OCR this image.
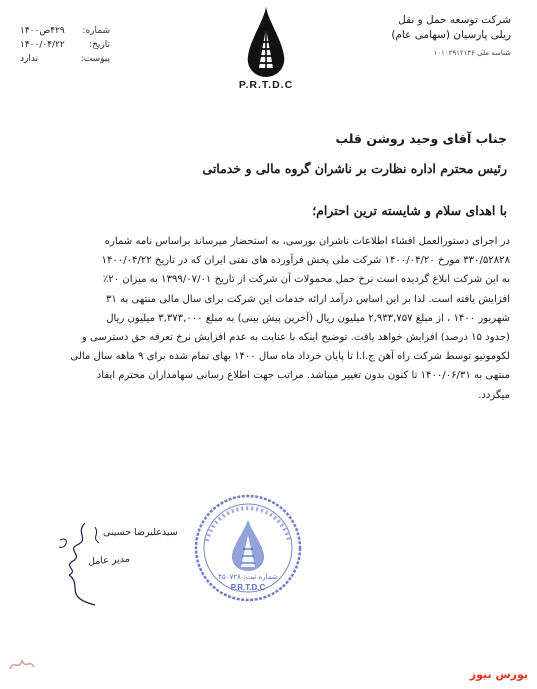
شرکت توسعه حمل و نقل
ریلی پارسیان (سهامی عام)
شناسه ملی ۱۰۱۰۲۹۱۲۱۴۶
P.R.T.D.C
شماره:
۴۲۹ص۱۴۰۰
تاریخ:
۱۴۰۰/۰۴/۲۲
پیوست:
ندارد
جناب آقای وحید روشن قلب
رئیس محترم اداره نظارت بر ناشران گروه مالی و خدماتی
با اهدای سلام و شایسته ترین احترام؛
در اجرای دستورالعمل افشاء اطلاعات ناشران بورسی، به استحضار میرساند براساس نامه شماره
۳۳۰/۵۲۸۲۸ مورخ ۱۴۰۰/۰۴/۲۰ شرکت ملی پخش فرآورده های نفتی ایران که در تاریخ ۱۴۰۰/۰۴/۲۲
به این شرکت ابلاغ گردیده است نرخ حمل محمولات آن شرکت از تاریخ ۱۳۹۹/۰۷/۰۱ به میزان ۲۰٪
افزایش یافته است. لذا بر این اساس درآمد ارائه خدمات این شرکت برای سال مالی منتهی به ۳۱
شهریور ۱۴۰۰ ، از مبلغ ۲,۹۳۳,۷۵۷ میلیون ریال (آخرین پیش بینی) به مبلغ ۳,۳۷۳,۰۰۰ میلیون ریال
(حدود ۱۵ درصد) افزایش خواهد یافت. توضیح اینکه با عنایت به عدم افزایش نرخ تعرفه حق دسترسی و
لکوموتیو توسط شرکت راه آهن ج.ا.ا تا پایان خرداد ماه سال ۱۴۰۰ بهای تمام شده برای ۹ ماهه سال مالی
منتهی به ۱۴۰۰/۰۶/۳۱ تا کنون بدون تغییر میباشد. مراتب جهت اطلاع رسانی سهامداران محترم ایفاد
میگردد.
سیدعلیرضا حسینی
مدیر عامل
شماره ثبت: ۴۵۰۷۲۸
P.R.T.D.C
بورس نیوز
